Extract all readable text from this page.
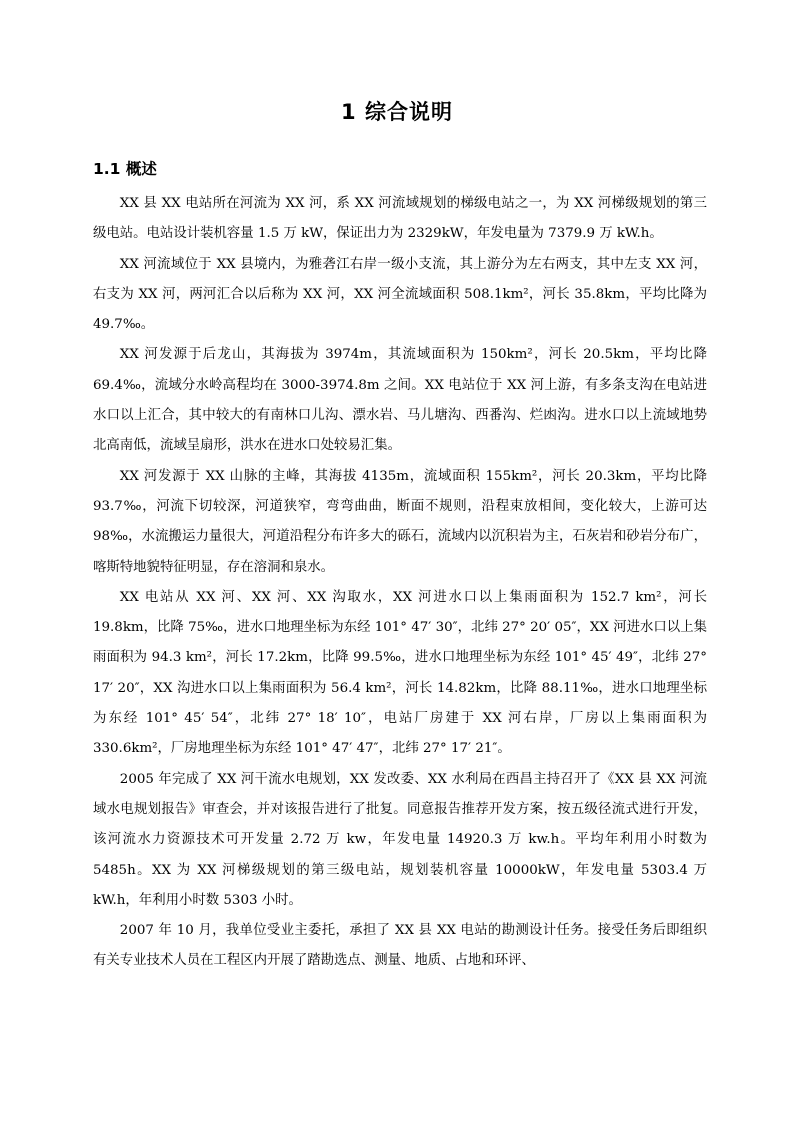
1 综合说明
1.1 概述

XX 县 XX 电站所在河流为 XX 河，系 XX 河流域规划的梯级电站之一，为 XX 河梯级规划的第三级电站。电站设计装机容量 1.5 万 kW，保证出力为 2329kW，年发电量为 7379.9 万 kW.h。

XX 河流域位于 XX 县境内，为雅砻江右岸一级小支流，其上游分为左右两支，其中左支 XX 河，右支为 XX 河，两河汇合以后称为 XX 河，XX 河全流域面积 508.1km²，河长 35.8km，平均比降为 49.7‰。

XX 河发源于后龙山，其海拔为 3974m，其流域面积为 150km²，河长 20.5km，平均比降 69.4‰，流域分水岭高程均在 3000-3974.8m 之间。XX 电站位于 XX 河上游，有多条支沟在电站进水口以上汇合，其中较大的有南林口儿沟、漂水岩、马儿塘沟、西番沟、烂凼沟。进水口以上流域地势北高南低，流域呈扇形，洪水在进水口处较易汇集。

XX 河发源于 XX 山脉的主峰，其海拔 4135m，流域面积 155km²，河长 20.3km，平均比降 93.7‰，河流下切较深，河道狭窄，弯弯曲曲，断面不规则，沿程束放相间，变化较大，上游可达 98‰，水流搬运力量很大，河道沿程分布许多大的砾石，流域内以沉积岩为主，石灰岩和砂岩分布广，喀斯特地貌特征明显，存在溶洞和泉水。

XX 电站从 XX 河、XX 河、XX 沟取水，XX 河进水口以上集雨面积为 152.7 km²，河长 19.8km，比降 75‰，进水口地理坐标为东经 101° 47′ 30″，北纬 27° 20′ 05″，XX 河进水口以上集雨面积为 94.3 km²，河长 17.2km，比降 99.5‰，进水口地理坐标为东经 101° 45′ 49″，北纬 27° 17′ 20″，XX 沟进水口以上集雨面积为 56.4 km²，河长 14.82km，比降 88.11‰，进水口地理坐标为东经 101° 45′ 54″，北纬 27° 18′ 10″，电站厂房建于 XX 河右岸，厂房以上集雨面积为 330.6km²，厂房地理坐标为东经 101° 47′ 47″，北纬 27° 17′ 21″。

2005 年完成了 XX 河干流水电规划，XX 发改委、XX 水利局在西昌主持召开了《XX 县 XX 河流域水电规划报告》审查会，并对该报告进行了批复。同意报告推荐开发方案，按五级径流式进行开发，该河流水力资源技术可开发量 2.72 万 kw，年发电量 14920.3 万 kw.h。平均年利用小时数为 5485h。XX 为 XX 河梯级规划的第三级电站，规划装机容量 10000kW，年发电量 5303.4 万 kW.h，年利用小时数 5303 小时。

2007 年 10 月，我单位受业主委托，承担了 XX 县 XX 电站的勘测设计任务。接受任务后即组织有关专业技术人员在工程区内开展了踏勘选点、测量、地质、占地和环评、
